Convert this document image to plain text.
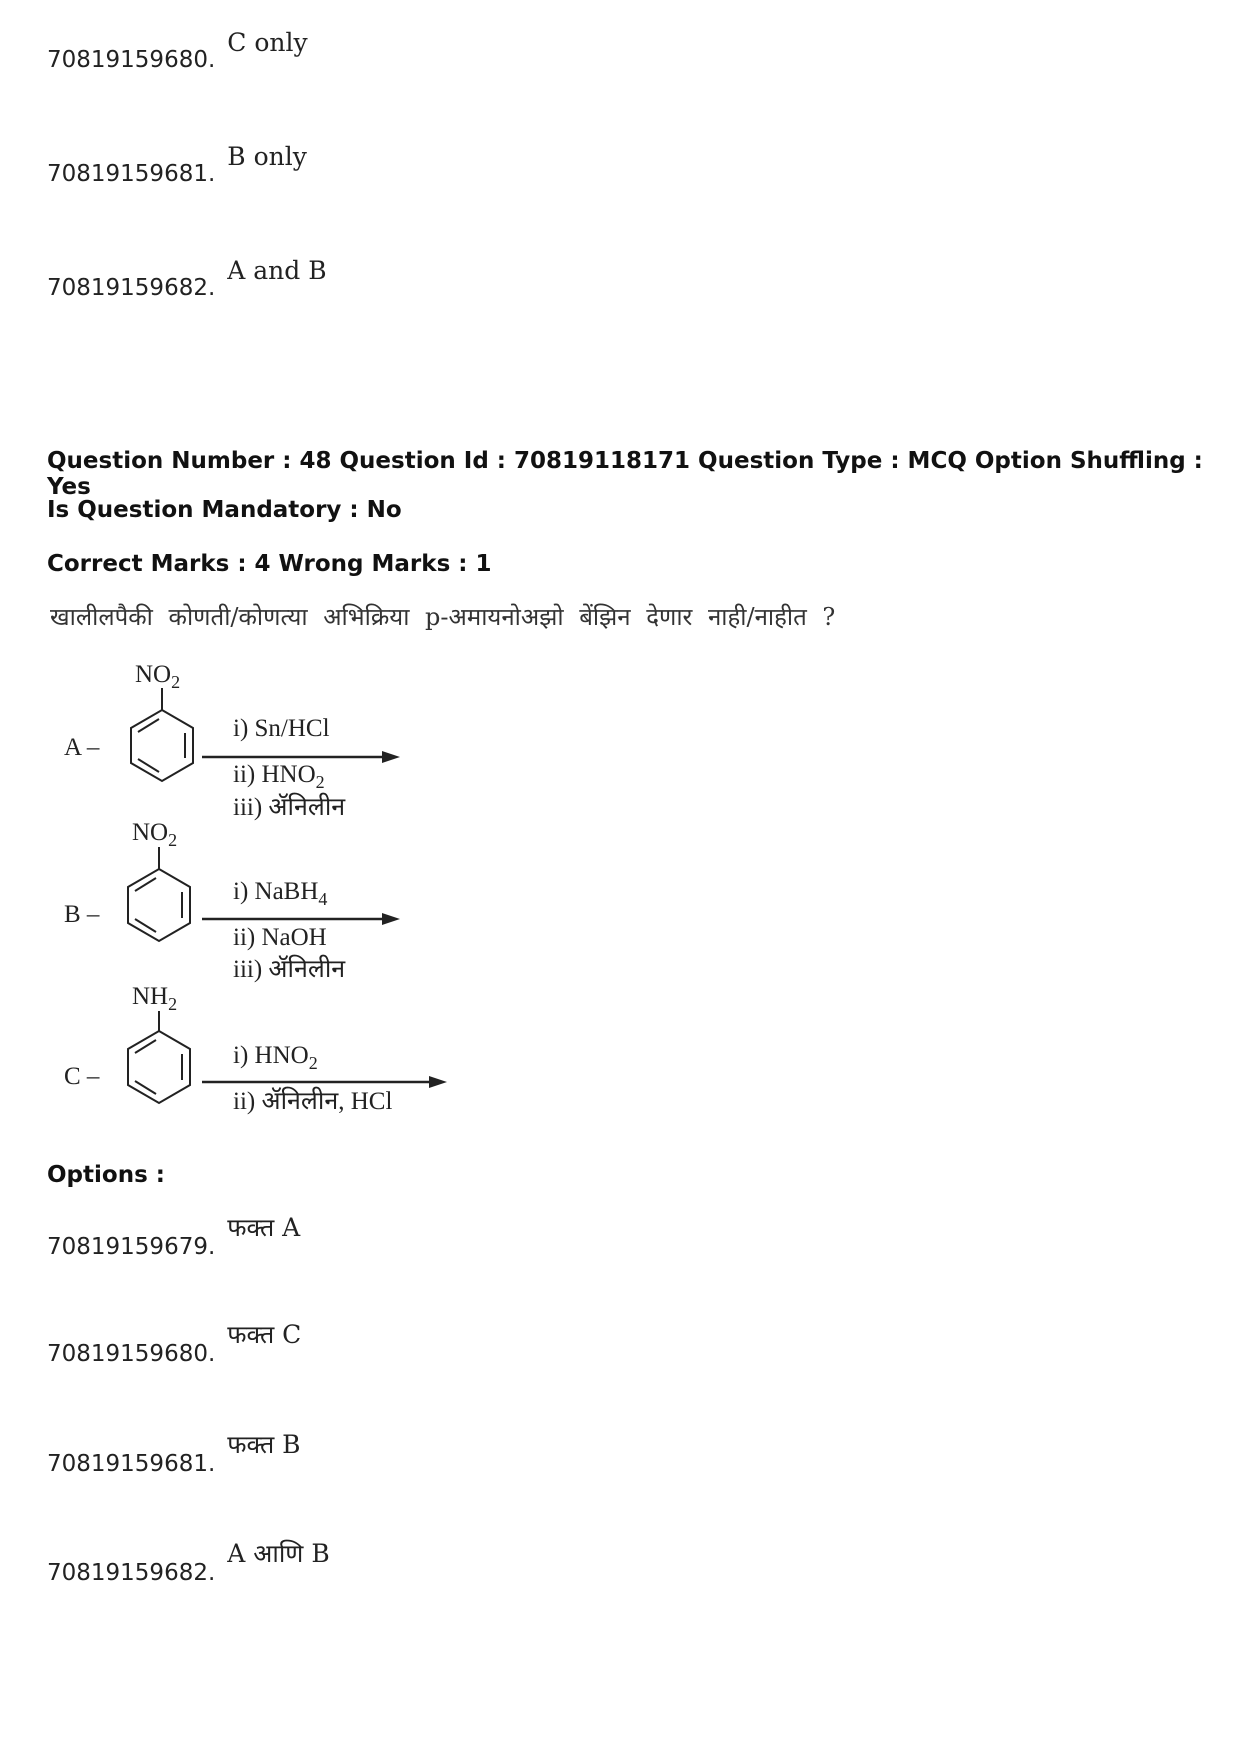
70819159680.
C only
70819159681.
B only
70819159682.
A and B
Question Number : 48 Question Id : 70819118171 Question Type : MCQ Option Shuffling : Yes
Is Question Mandatory : No
Correct Marks : 4 Wrong Marks : 1
खालीलपैकी कोणती/कोणत्या अभिक्रिया p-अमायनोअझो बेंझिन देणार नाही/नाहीत ?
A –
$NO_2$
i) Sn/HCl
ii) $HNO_2$
iii) ॲनिलीन
B –
$NO_2$
i) NaBH$_4$
ii) NaOH
iii) ॲनिलीन
C –
$NH_2$
i) $HNO_2$
ii) ॲनिलीन, HCl
Options :
70819159679.
फक्त A
70819159680.
फक्त C
70819159681.
फक्त B
70819159682.
A आणि B
